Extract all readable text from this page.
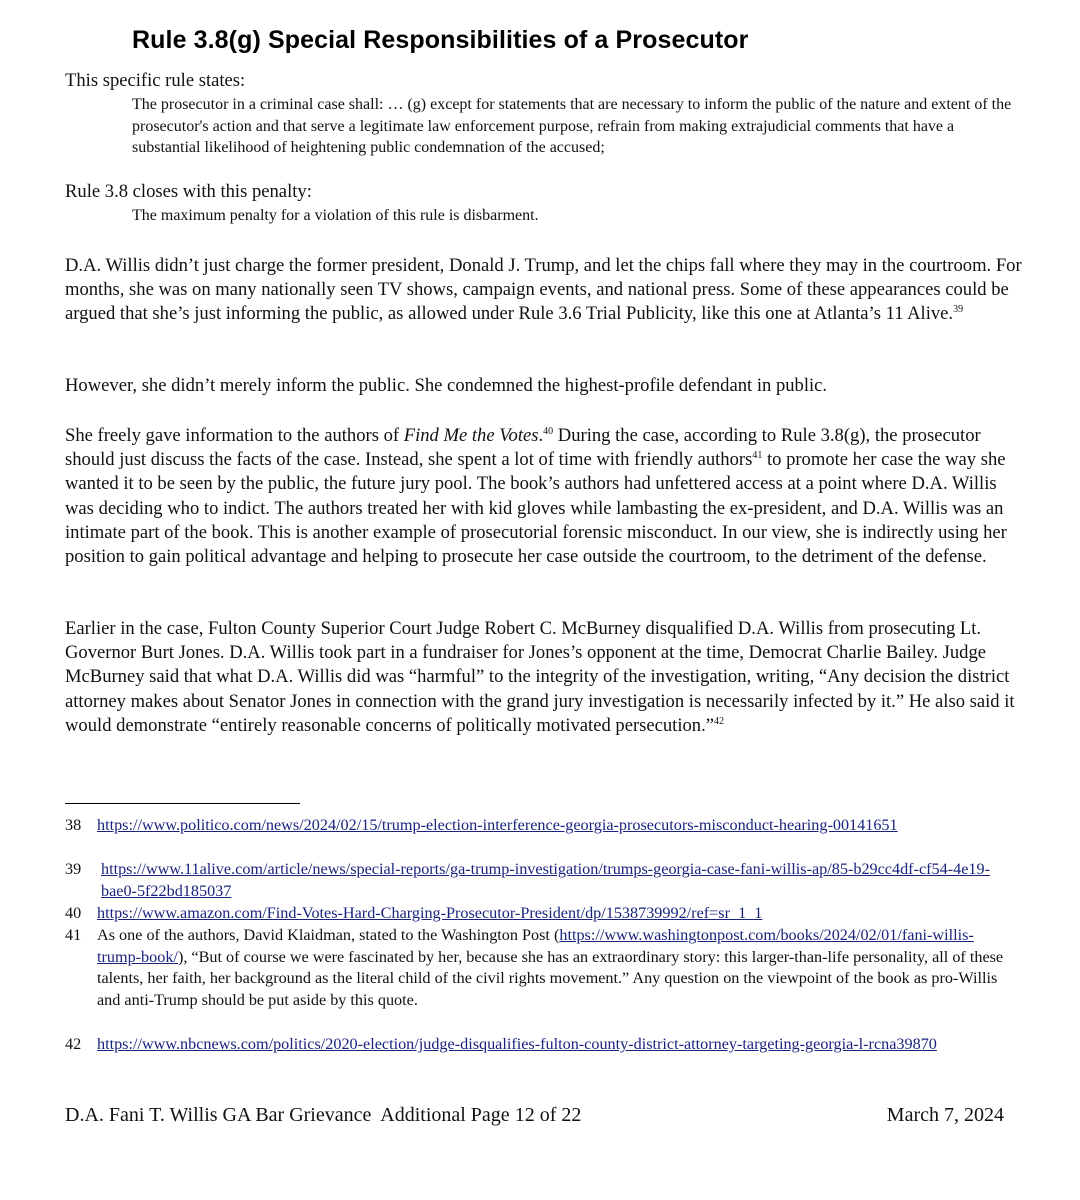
Rule 3.8(g) Special Responsibilities of a Prosecutor

This specific rule states:

The prosecutor in a criminal case shall: … (g) except for statements that are necessary to inform the public of the nature and extent of the prosecutor's action and that serve a legitimate law enforcement purpose, refrain from making extrajudicial comments that have a substantial likelihood of heightening public condemnation of the accused;

Rule 3.8 closes with this penalty:

The maximum penalty for a violation of this rule is disbarment.

D.A. Willis didn’t just charge the former president, Donald J. Trump, and let the chips fall where they may in the courtroom. For months, she was on many nationally seen TV shows, campaign events, and national press. Some of these appearances could be argued that she’s just informing the public, as allowed under Rule 3.6 Trial Publicity, like this one at Atlanta’s 11 Alive.$^{39}$

However, she didn’t merely inform the public. She condemned the highest-profile defendant in public.

She freely gave information to the authors of Find Me the Votes.$^{40}$ During the case, according to Rule 3.8(g), the prosecutor should just discuss the facts of the case. Instead, she spent a lot of time with friendly authors$^{41}$ to promote her case the way she wanted it to be seen by the public, the future jury pool. The book’s authors had unfettered access at a point where D.A. Willis was deciding who to indict. The authors treated her with kid gloves while lambasting the ex-president, and D.A. Willis was an intimate part of the book. This is another example of prosecutorial forensic misconduct. In our view, she is indirectly using her position to gain political advantage and helping to prosecute her case outside the courtroom, to the detriment of the defense.

Earlier in the case, Fulton County Superior Court Judge Robert C. McBurney disqualified D.A. Willis from prosecuting Lt. Governor Burt Jones. D.A. Willis took part in a fundraiser for Jones’s opponent at the time, Democrat Charlie Bailey. Judge McBurney said that what D.A. Willis did was “harmful” to the integrity of the investigation, writing, “Any decision the district attorney makes about Senator Jones in connection with the grand jury investigation is necessarily infected by it.” He also said it would demonstrate “entirely reasonable concerns of politically motivated persecution.”$^{42}$

38 https://www.politico.com/news/2024/02/15/trump-election-interference-georgia-prosecutors-misconduct-hearing-00141651
39 https://www.11alive.com/article/news/special-reports/ga-trump-investigation/trumps-georgia-case-fani-willis-ap/85-b29cc4df-cf54-4e19-bae0-5f22bd185037
40 https://www.amazon.com/Find-Votes-Hard-Charging-Prosecutor-President/dp/1538739992/ref=sr_1_1
41 As one of the authors, David Klaidman, stated to the Washington Post (https://www.washingtonpost.com/books/2024/02/01/fani-willis-trump-book/), “But of course we were fascinated by her, because she has an extraordinary story: this larger-than-life personality, all of these talents, her faith, her background as the literal child of the civil rights movement.” Any question on the viewpoint of the book as pro-Willis and anti-Trump should be put aside by this quote.
42 https://www.nbcnews.com/politics/2020-election/judge-disqualifies-fulton-county-district-attorney-targeting-georgia-l-rcna39870
D.A. Fani T. Willis GA Bar Grievance  Additional Page 12 of 22	March 7, 2024
